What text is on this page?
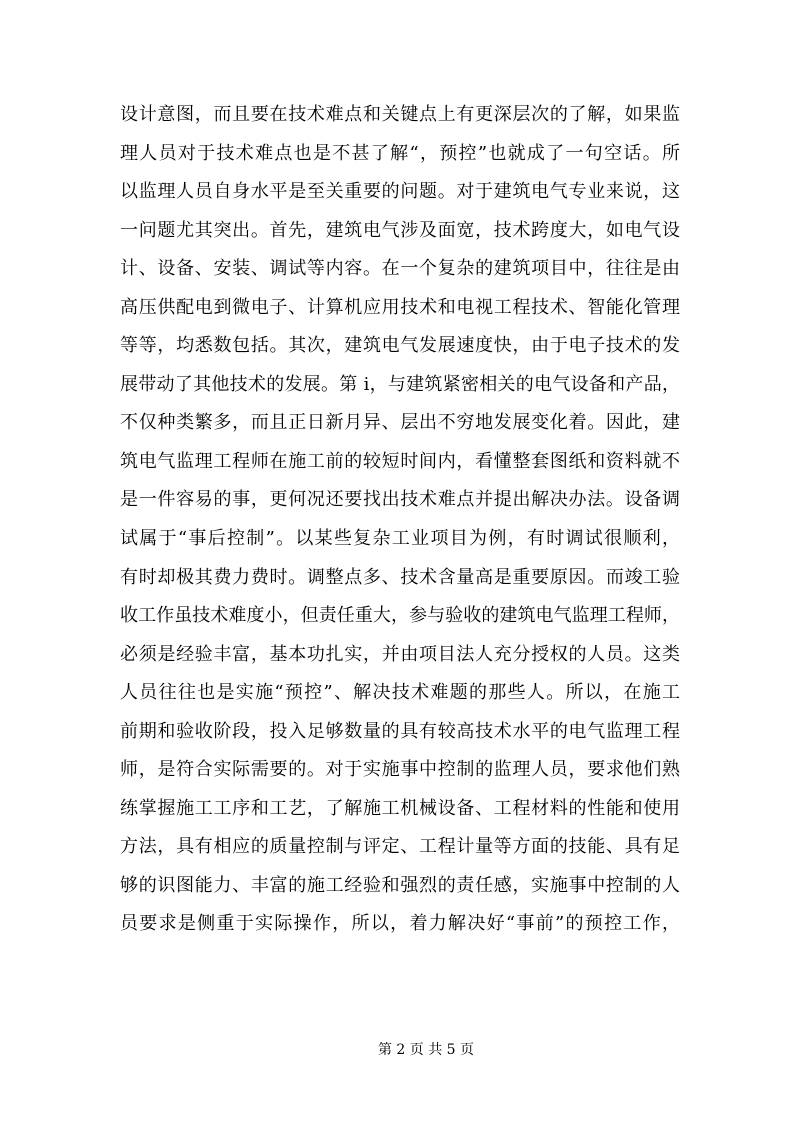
设计意图，而且要在技术难点和关键点上有更深层次的了解，如果监
理人员对于技术难点也是不甚了解“，预控”也就成了一句空话。所
以监理人员自身水平是至关重要的问题。对于建筑电气专业来说，这
一问题尤其突出。首先，建筑电气涉及面宽，技术跨度大，如电气设
计、设备、安装、调试等内容。在一个复杂的建筑项目中，往往是由
高压供配电到微电子、计算机应用技术和电视工程技术、智能化管理
等等，均悉数包括。其次，建筑电气发展速度快，由于电子技术的发
展带动了其他技术的发展。第 i，与建筑紧密相关的电气设备和产品，
不仅种类繁多，而且正日新月异、层出不穷地发展变化着。因此，建
筑电气监理工程师在施工前的较短时间内，看懂整套图纸和资料就不
是一件容易的事，更何况还要找出技术难点并提出解决办法。设备调
试属于“事后控制”。以某些复杂工业项目为例，有时调试很顺利，
有时却极其费力费时。调整点多、技术含量高是重要原因。而竣工验
收工作虽技术难度小，但责任重大，参与验收的建筑电气监理工程师，
必须是经验丰富，基本功扎实，并由项目法人充分授权的人员。这类
人员往往也是实施“预控”、解决技术难题的那些人。所以，在施工
前期和验收阶段，投入足够数量的具有较高技术水平的电气监理工程
师，是符合实际需要的。对于实施事中控制的监理人员，要求他们熟
练掌握施工工序和工艺，了解施工机械设备、工程材料的性能和使用
方法，具有相应的质量控制与评定、工程计量等方面的技能、具有足
够的识图能力、丰富的施工经验和强烈的责任感，实施事中控制的人
员要求是侧重于实际操作，所以，着力解决好“事前”的预控工作，
第 2 页 共 5 页
